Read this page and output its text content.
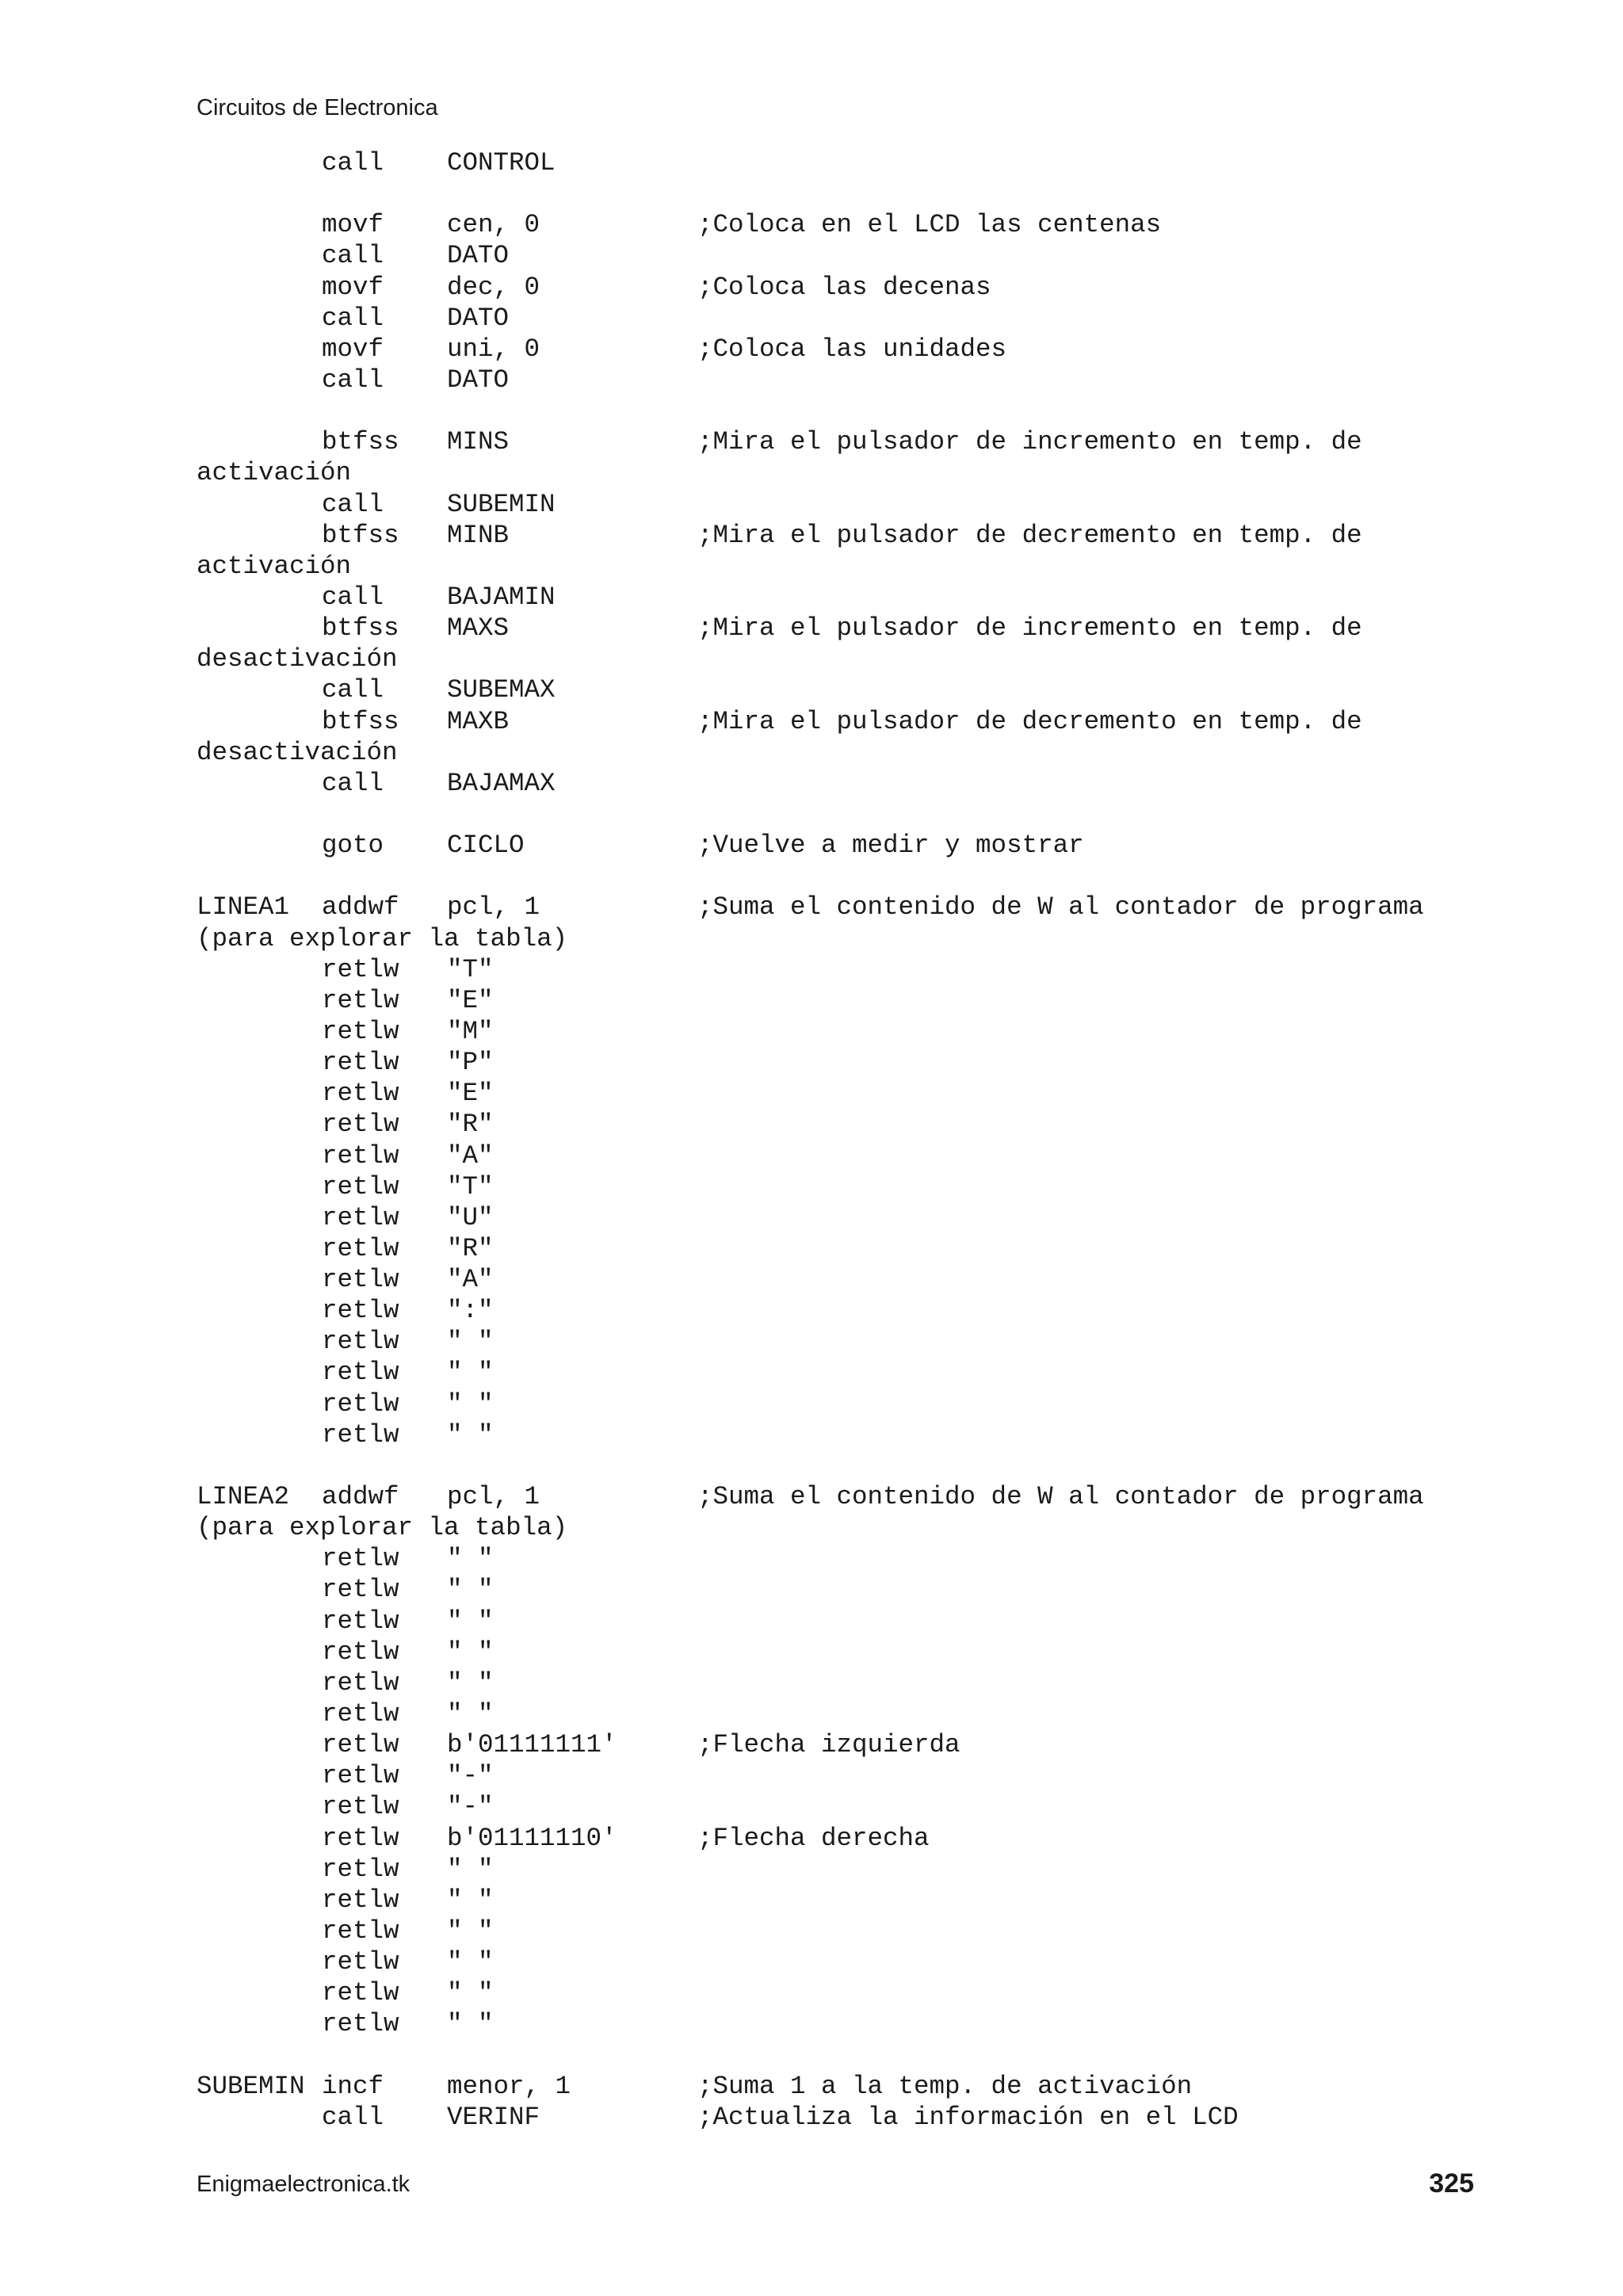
Circuitos de Electronica
call CONTROL
movf cen, 0	;Coloca en el LCD las centenas
call DATO
movf dec, 0	;Coloca las decenas
call DATO
movf uni, 0	;Coloca las unidades
call DATO
btfss MINS	;Mira el pulsador de incremento en temp. de
activación
call SUBEMIN
btfss MINB	;Mira el pulsador de decremento en temp. de
activación
call BAJAMIN
btfss MAXS	;Mira el pulsador de incremento en temp. de
desactivación
call SUBEMAX
btfss MAXB	;Mira el pulsador de decremento en temp. de
desactivación
call BAJAMAX
goto CICLO	;Vuelve a medir y mostrar
LINEA1 addwf pcl, 1	;Suma el contenido de W al contador de programa
(para explorar la tabla)
retlw "T"
retlw "E"
retlw "M"
retlw "P"
retlw "E"
retlw "R"
retlw "A"
retlw "T"
retlw "U"
retlw "R"
retlw "A"
retlw ":"
retlw " "
retlw " "
retlw " "
retlw " "
LINEA2 addwf pcl, 1	;Suma el contenido de W al contador de programa
(para explorar la tabla)
retlw " "
retlw " "
retlw " "
retlw " "
retlw " "
retlw " "
retlw b'01111111'	;Flecha izquierda
retlw "-"
retlw "-"
retlw b'01111110'	;Flecha derecha
retlw " "
retlw " "
retlw " "
retlw " "
retlw " "
retlw " "
SUBEMIN incf menor, 1	;Suma 1 a la temp. de activación
call VERINF	;Actualiza la información en el LCD
Enigmaelectronica.tk	325
